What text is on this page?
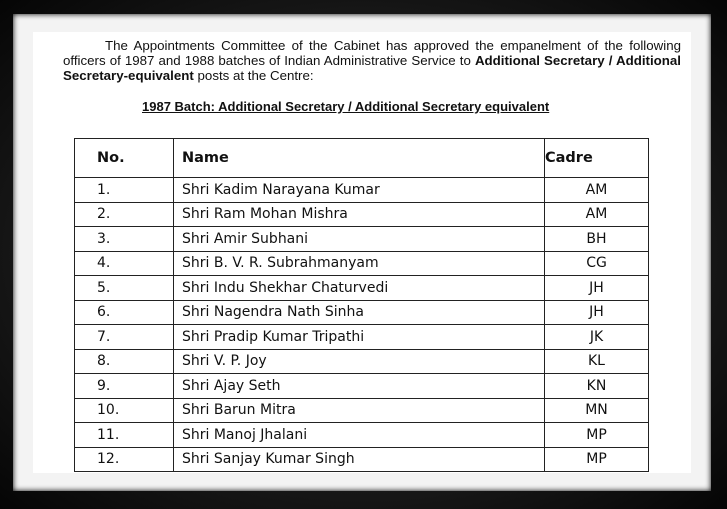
The Appointments Committee of the Cabinet has approved the empanelment of the following officers of 1987 and 1988 batches of Indian Administrative Service to Additional Secretary / Additional Secretary-equivalent posts at the Centre:
1987 Batch: Additional Secretary / Additional Secretary equivalent
No.	Name	Cadre
1.	Shri Kadim Narayana Kumar	AM
2.	Shri Ram Mohan Mishra	AM
3.	Shri Amir Subhani	BH
4.	Shri B. V. R. Subrahmanyam	CG
5.	Shri Indu Shekhar Chaturvedi	JH
6.	Shri Nagendra Nath Sinha	JH
7.	Shri Pradip Kumar Tripathi	JK
8.	Shri V. P. Joy	KL
9.	Shri Ajay Seth	KN
10.	Shri Barun Mitra	MN
11.	Shri Manoj Jhalani	MP
12.	Shri Sanjay Kumar Singh	MP
